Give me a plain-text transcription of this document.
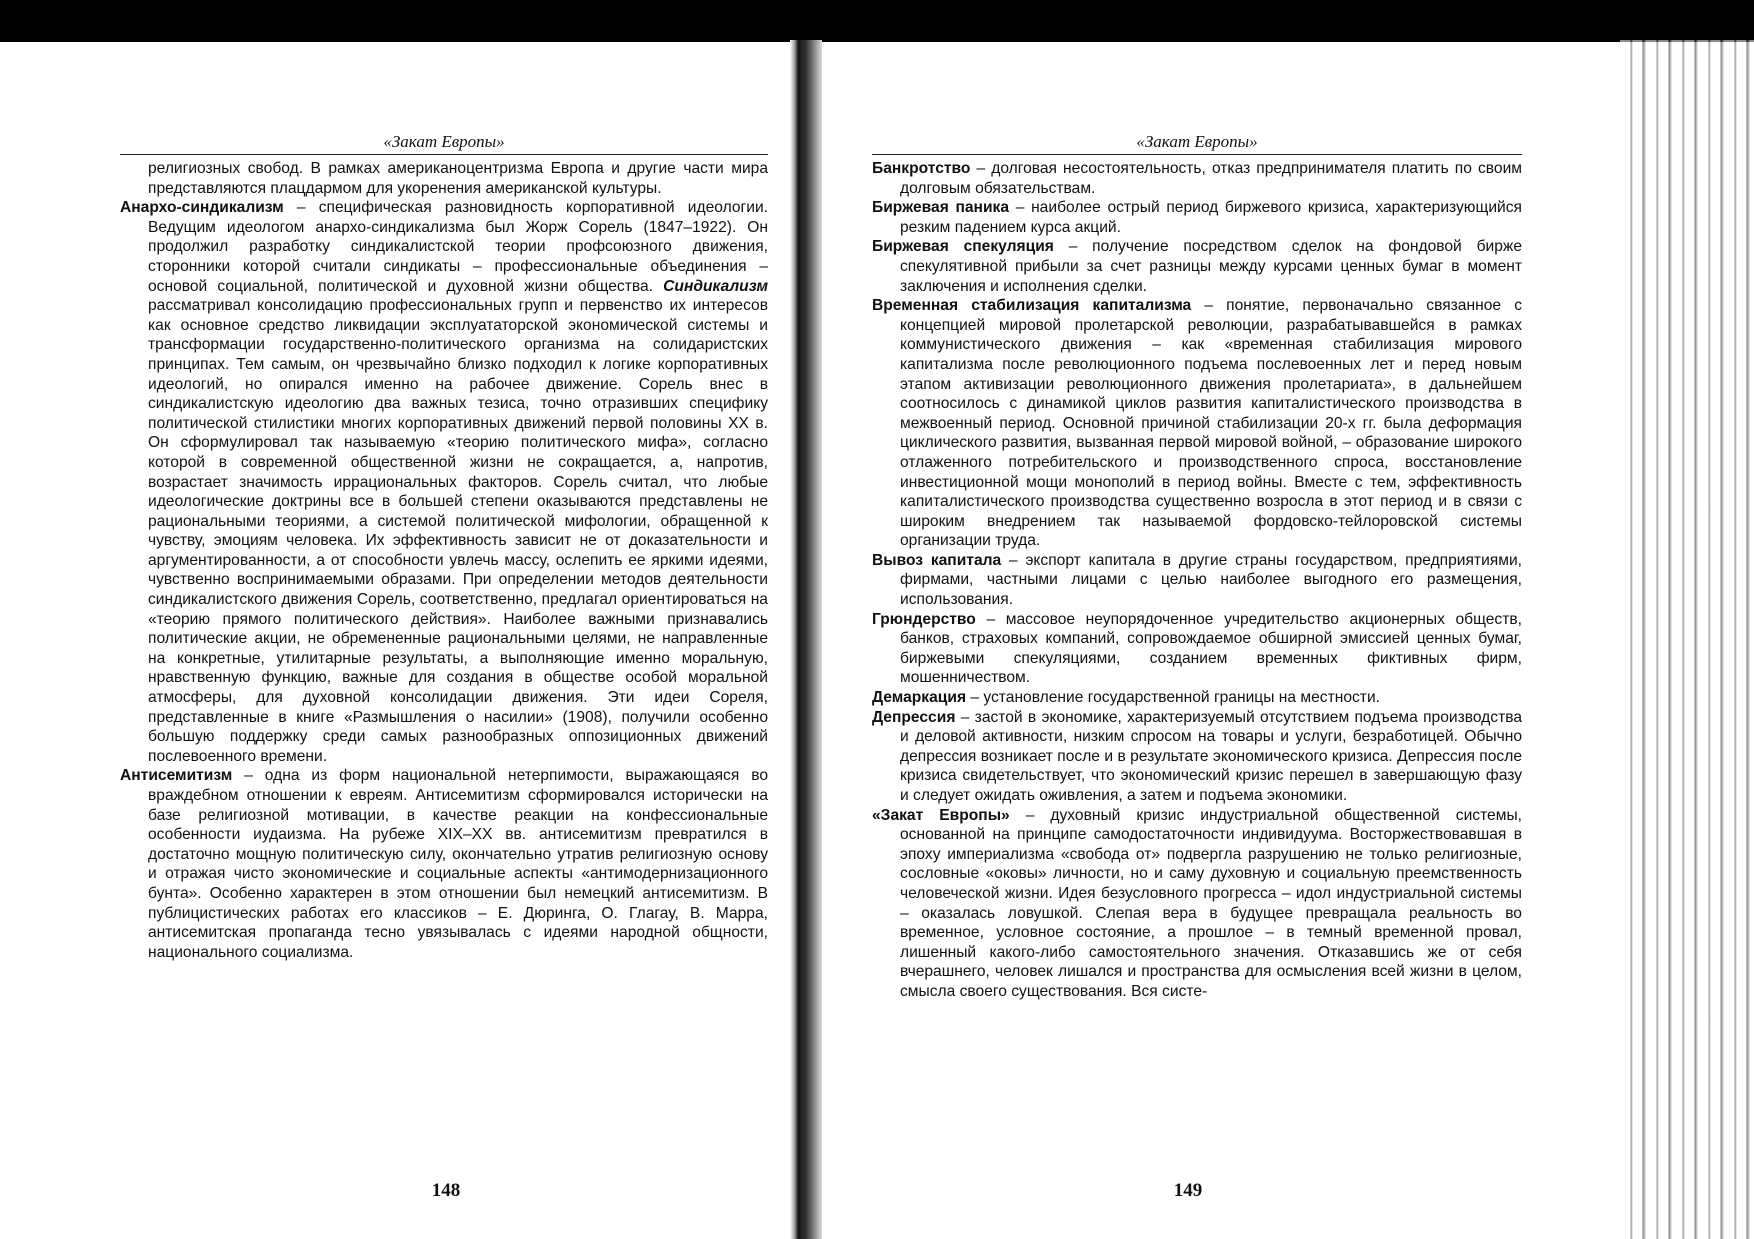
«Закат Европы»

религиозных свобод. В рамках американоцентризма Европа и другие части мира представляются плацдармом для укоренения американской культуры.

Анархо-синдикализм – специфическая разновидность корпоративной идеологии. Ведущим идеологом анархо-синдикализма был Жорж Сорель (1847–1922). Он продолжил разработку синдикалистской теории профсоюзного движения, сторонники которой считали синдикаты – профессиональные объединения – основой социальной, политической и духовной жизни общества. Синдикализм рассматривал консолидацию профессиональных групп и первенство их интересов как основное средство ликвидации эксплуататорской экономической системы и трансформации государственно-политического организма на солидаристских принципах. Тем самым, он чрезвычайно близко подходил к логике корпоративных идеологий, но опирался именно на рабочее движение. Сорель внес в синдикалистскую идеологию два важных тезиса, точно отразивших специфику политической стилистики многих корпоративных движений первой половины XX в. Он сформулировал так называемую «теорию политического мифа», согласно которой в современной общественной жизни не сокращается, а, напротив, возрастает значимость иррациональных факторов. Сорель считал, что любые идеологические доктрины все в большей степени оказываются представлены не рациональными теориями, а системой политической мифологии, обращенной к чувству, эмоциям человека. Их эффективность зависит не от доказательности и аргументированности, а от способности увлечь массу, ослепить ее яркими идеями, чувственно воспринимаемыми образами. При определении методов деятельности синдикалистского движения Сорель, соответственно, предлагал ориентироваться на «теорию прямого политического действия». Наиболее важными признавались политические акции, не обремененные рациональными целями, не направленные на конкретные, утилитарные результаты, а выполняющие именно моральную, нравственную функцию, важные для создания в обществе особой моральной атмосферы, для духовной консолидации движения. Эти идеи Сореля, представленные в книге «Размышления о насилии» (1908), получили особенно большую поддержку среди самых разнообразных оппозиционных движений послевоенного времени.

Антисемитизм – одна из форм национальной нетерпимости, выражающаяся во враждебном отношении к евреям. Антисемитизм сформировался исторически на базе религиозной мотивации, в качестве реакции на конфессиональные особенности иудаизма. На рубеже XIX–XX вв. антисемитизм превратился в достаточно мощную политическую силу, окончательно утратив религиозную основу и отражая чисто экономические и социальные аспекты «антимодернизационного бунта». Особенно характерен в этом отношении был немецкий антисемитизм. В публицистических работах его классиков – Е. Дюринга, О. Глагау, В. Марра, антисемитская пропаганда тесно увязывалась с идеями народной общности, национального социализма.

148
«Закат Европы»

Банкротство – долговая несостоятельность, отказ предпринимателя платить по своим долговым обязательствам.

Биржевая паника – наиболее острый период биржевого кризиса, характеризующийся резким падением курса акций.

Биржевая спекуляция – получение посредством сделок на фондовой бирже спекулятивной прибыли за счет разницы между курсами ценных бумаг в момент заключения и исполнения сделки.

Временная стабилизация капитализма – понятие, первоначально связанное с концепцией мировой пролетарской революции, разрабатывавшейся в рамках коммунистического движения – как «временная стабилизация мирового капитализма после революционного подъема послевоенных лет и перед новым этапом активизации революционного движения пролетариата», в дальнейшем соотносилось с динамикой циклов развития капиталистического производства в межвоенный период. Основной причиной стабилизации 20-х гг. была деформация циклического развития, вызванная первой мировой войной, – образование широкого отлаженного потребительского и производственного спроса, восстановление инвестиционной мощи монополий в период войны. Вместе с тем, эффективность капиталистического производства существенно возросла в этот период и в связи с широким внедрением так называемой фордовско-тейлоровской системы организации труда.

Вывоз капитала – экспорт капитала в другие страны государством, предприятиями, фирмами, частными лицами с целью наиболее выгодного его размещения, использования.

Грюндерство – массовое неупорядоченное учредительство акционерных обществ, банков, страховых компаний, сопровождаемое обширной эмиссией ценных бумаг, биржевыми спекуляциями, созданием временных фиктивных фирм, мошенничеством.

Демаркация – установление государственной границы на местности.

Депрессия – застой в экономике, характеризуемый отсутствием подъема производства и деловой активности, низким спросом на товары и услуги, безработицей. Обычно депрессия возникает после и в результате экономического кризиса. Депрессия после кризиса свидетельствует, что экономический кризис перешел в завершающую фазу и следует ожидать оживления, а затем и подъема экономики.

«Закат Европы» – духовный кризис индустриальной общественной системы, основанной на принципе самодостаточности индивидуума. Восторжествовавшая в эпоху империализма «свобода от» подвергла разрушению не только религиозные, сословные «оковы» личности, но и саму духовную и социальную преемственность человеческой жизни. Идея безусловного прогресса – идол индустриальной системы – оказалась ловушкой. Слепая вера в будущее превращала реальность во временное, условное состояние, а прошлое – в темный временной провал, лишенный какого-либо самостоятельного значения. Отказавшись же от себя вчерашнего, человек лишался и пространства для осмысления всей жизни в целом, смысла своего существования. Вся систе-

149
